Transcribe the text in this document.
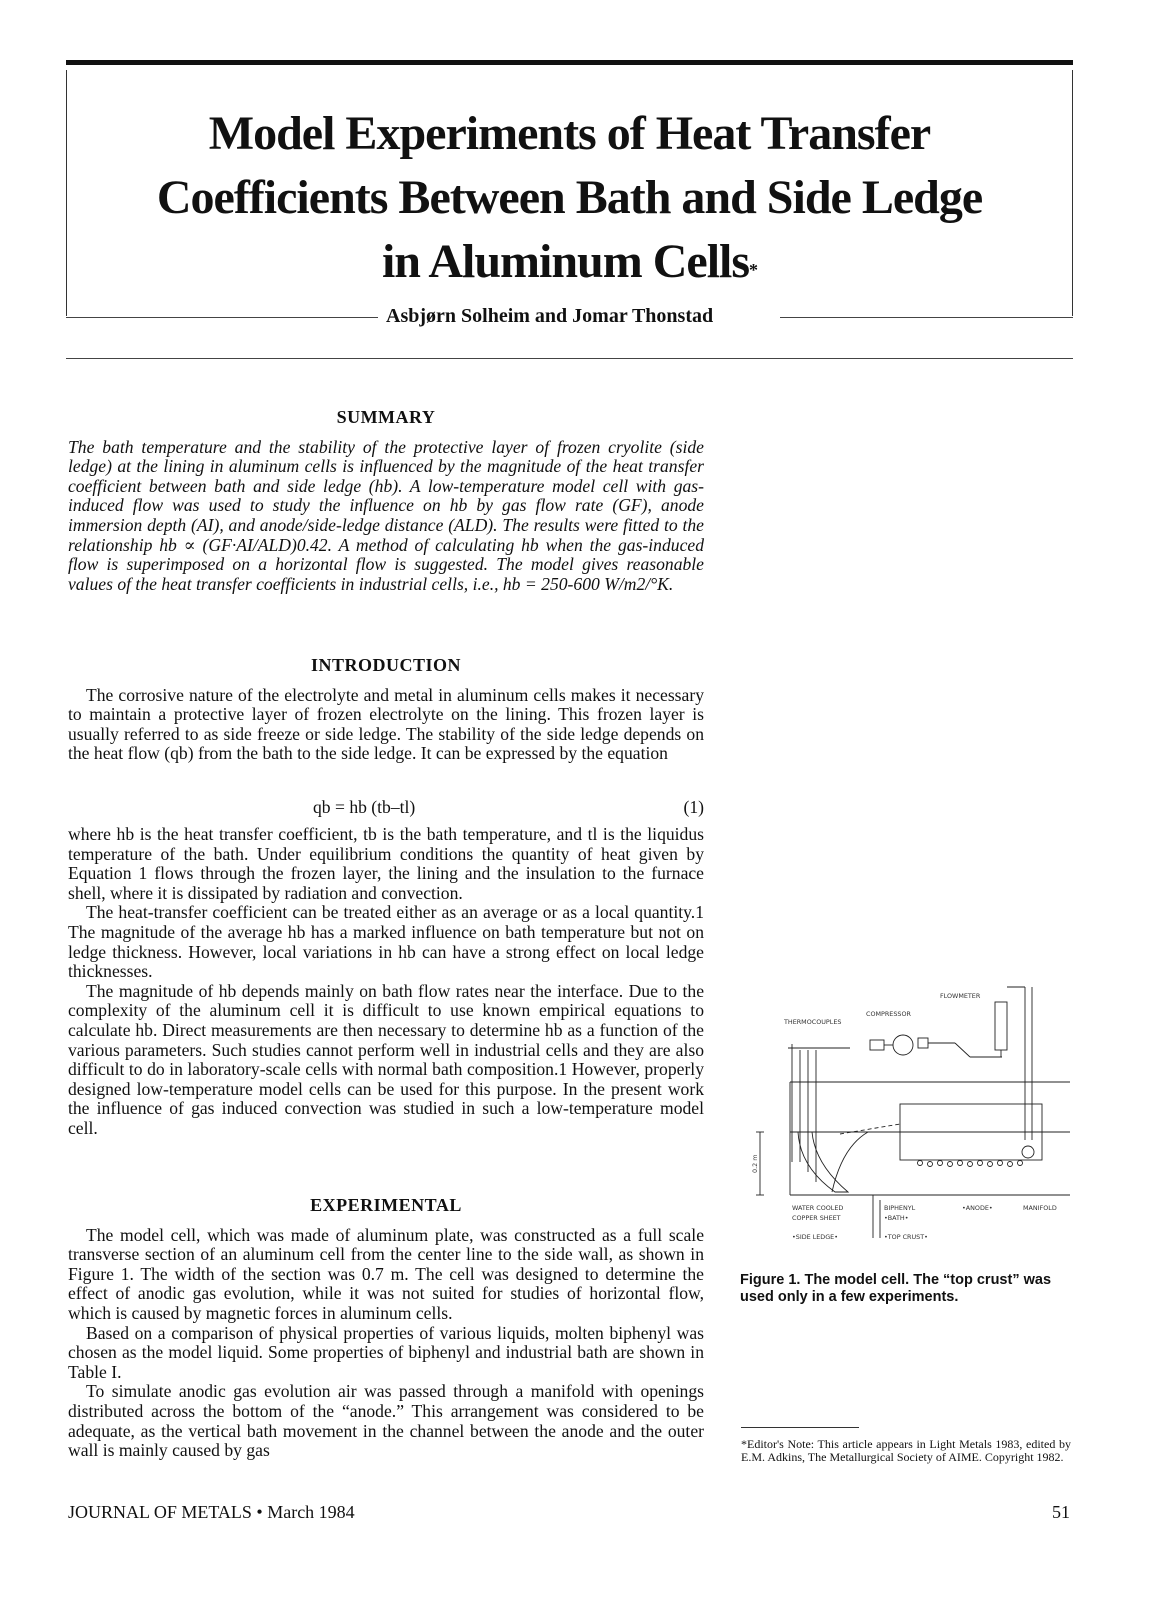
Model Experiments of Heat Transfer
Coefficients Between Bath and Side Ledge
in Aluminum Cells*
Asbjørn Solheim and Jomar Thonstad
SUMMARY

The bath temperature and the stability of the protective layer of frozen cryolite (side ledge) at the lining in aluminum cells is influenced by the magnitude of the heat transfer coefficient between bath and side ledge (hb). A low-temperature model cell with gas-induced flow was used to study the influence on hb by gas flow rate (GF), anode immersion depth (AI), and anode/side-ledge distance (ALD). The results were fitted to the relationship hb ∝ (GF·AI/ALD)0.42. A method of calculating hb when the gas-induced flow is superimposed on a horizontal flow is suggested. The model gives reasonable values of the heat transfer coefficients in industrial cells, i.e., hb = 250-600 W/m2/°K.

INTRODUCTION

The corrosive nature of the electrolyte and metal in aluminum cells makes it necessary to maintain a protective layer of frozen electrolyte on the lining. This frozen layer is usually referred to as side freeze or side ledge. The stability of the side ledge depends on the heat flow (qb) from the bath to the side ledge. It can be expressed by the equation

qb = hb (tb–tl)	(1)

where hb is the heat transfer coefficient, tb is the bath temperature, and tl is the liquidus temperature of the bath. Under equilibrium conditions the quantity of heat given by Equation 1 flows through the frozen layer, the lining and the insulation to the furnace shell, where it is dissipated by radiation and convection.

The heat-transfer coefficient can be treated either as an average or as a local quantity.1 The magnitude of the average hb has a marked influence on bath temperature but not on ledge thickness. However, local variations in hb can have a strong effect on local ledge thicknesses.

The magnitude of hb depends mainly on bath flow rates near the interface. Due to the complexity of the aluminum cell it is difficult to use known empirical equations to calculate hb. Direct measurements are then necessary to determine hb as a function of the various parameters. Such studies cannot perform well in industrial cells and they are also difficult to do in laboratory-scale cells with normal bath composition.1 However, properly designed low-temperature model cells can be used for this purpose. In the present work the influence of gas induced convection was studied in such a low-temperature model cell.

EXPERIMENTAL

The model cell, which was made of aluminum plate, was constructed as a full scale transverse section of an aluminum cell from the center line to the side wall, as shown in Figure 1. The width of the section was 0.7 m. The cell was designed to determine the effect of anodic gas evolution, while it was not suited for studies of horizontal flow, which is caused by magnetic forces in aluminum cells.

Based on a comparison of physical properties of various liquids, molten biphenyl was chosen as the model liquid. Some properties of biphenyl and industrial bath are shown in Table I.

To simulate anodic gas evolution air was passed through a manifold with openings distributed across the bottom of the “anode.” This arrangement was considered to be adequate, as the vertical bath movement in the channel between the anode and the outer wall is mainly caused by gas

FLOWMETER
COMPRESSOR
THERMOCOUPLES
0.2 m
WATER COOLED
COPPER SHEET
•SIDE LEDGE•
BIPHENYL
•BATH•
•TOP CRUST•
•ANODE•	MANIFOLD
Figure 1. The model cell. The “top crust” was used only in a few experiments.
*Editor's Note: This article appears in Light Metals 1983, edited by E.M. Adkins, The Metallurgical Society of AIME. Copyright 1982.
JOURNAL OF METALS • March 1984	51
